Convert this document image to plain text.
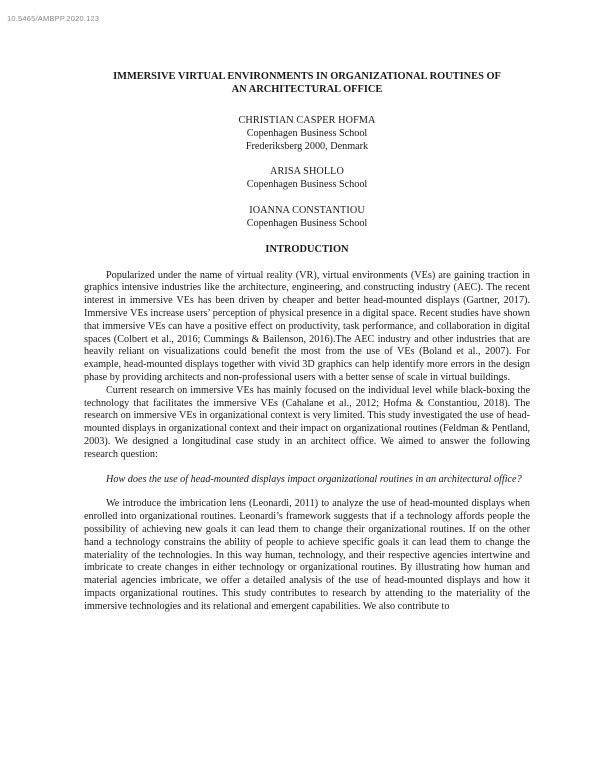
10.5465/AMBPP.2020.123
IMMERSIVE VIRTUAL ENVIRONMENTS IN ORGANIZATIONAL ROUTINES OF
AN ARCHITECTURAL OFFICE
CHRISTIAN CASPER HOFMA
Copenhagen Business School
Frederiksberg 2000, Denmark
ARISA SHOLLO
Copenhagen Business School
IOANNA CONSTANTIOU
Copenhagen Business School
INTRODUCTION

Popularized under the name of virtual reality (VR), virtual environments (VEs) are gaining traction in graphics intensive industries like the architecture, engineering, and constructing industry (AEC). The recent interest in immersive VEs has been driven by cheaper and better head-mounted displays (Gartner, 2017). Immersive VEs increase users’ perception of physical presence in a digital space. Recent studies have shown that immersive VEs can have a positive effect on productivity, task performance, and collaboration in digital spaces (Colbert et al., 2016; Cummings & Bailenson, 2016).The AEC industry and other industries that are heavily reliant on visualizations could benefit the most from the use of VEs (Boland et al., 2007). For example, head-mounted displays together with vivid 3D graphics can help identify more errors in the design phase by providing architects and non-professional users with a better sense of scale in virtual buildings.

Current research on immersive VEs has mainly focused on the individual level while black-boxing the technology that facilitates the immersive VEs (Cahalane et al., 2012; Hofma & Constantiou, 2018). The research on immersive VEs in organizational context is very limited. This study investigated the use of head-mounted displays in organizational context and their impact on organizational routines (Feldman & Pentland, 2003). We designed a longitudinal case study in an architect office. We aimed to answer the following research question:

How does the use of head-mounted displays impact organizational routines in an architectural office?

We introduce the imbrication lens (Leonardi, 2011) to analyze the use of head-mounted displays when enrolled into organizational routines. Leonardi’s framework suggests that if a technology affords people the possibility of achieving new goals it can lead them to change their organizational routines. If on the other hand a technology constrains the ability of people to achieve specific goals it can lead them to change the materiality of the technologies. In this way human, technology, and their respective agencies intertwine and imbricate to create changes in either technology or organizational routines. By illustrating how human and material agencies imbricate, we offer a detailed analysis of the use of head-mounted displays and how it impacts organizational routines. This study contributes to research by attending to the materiality of the immersive technologies and its relational and emergent capabilities. We also contribute to
